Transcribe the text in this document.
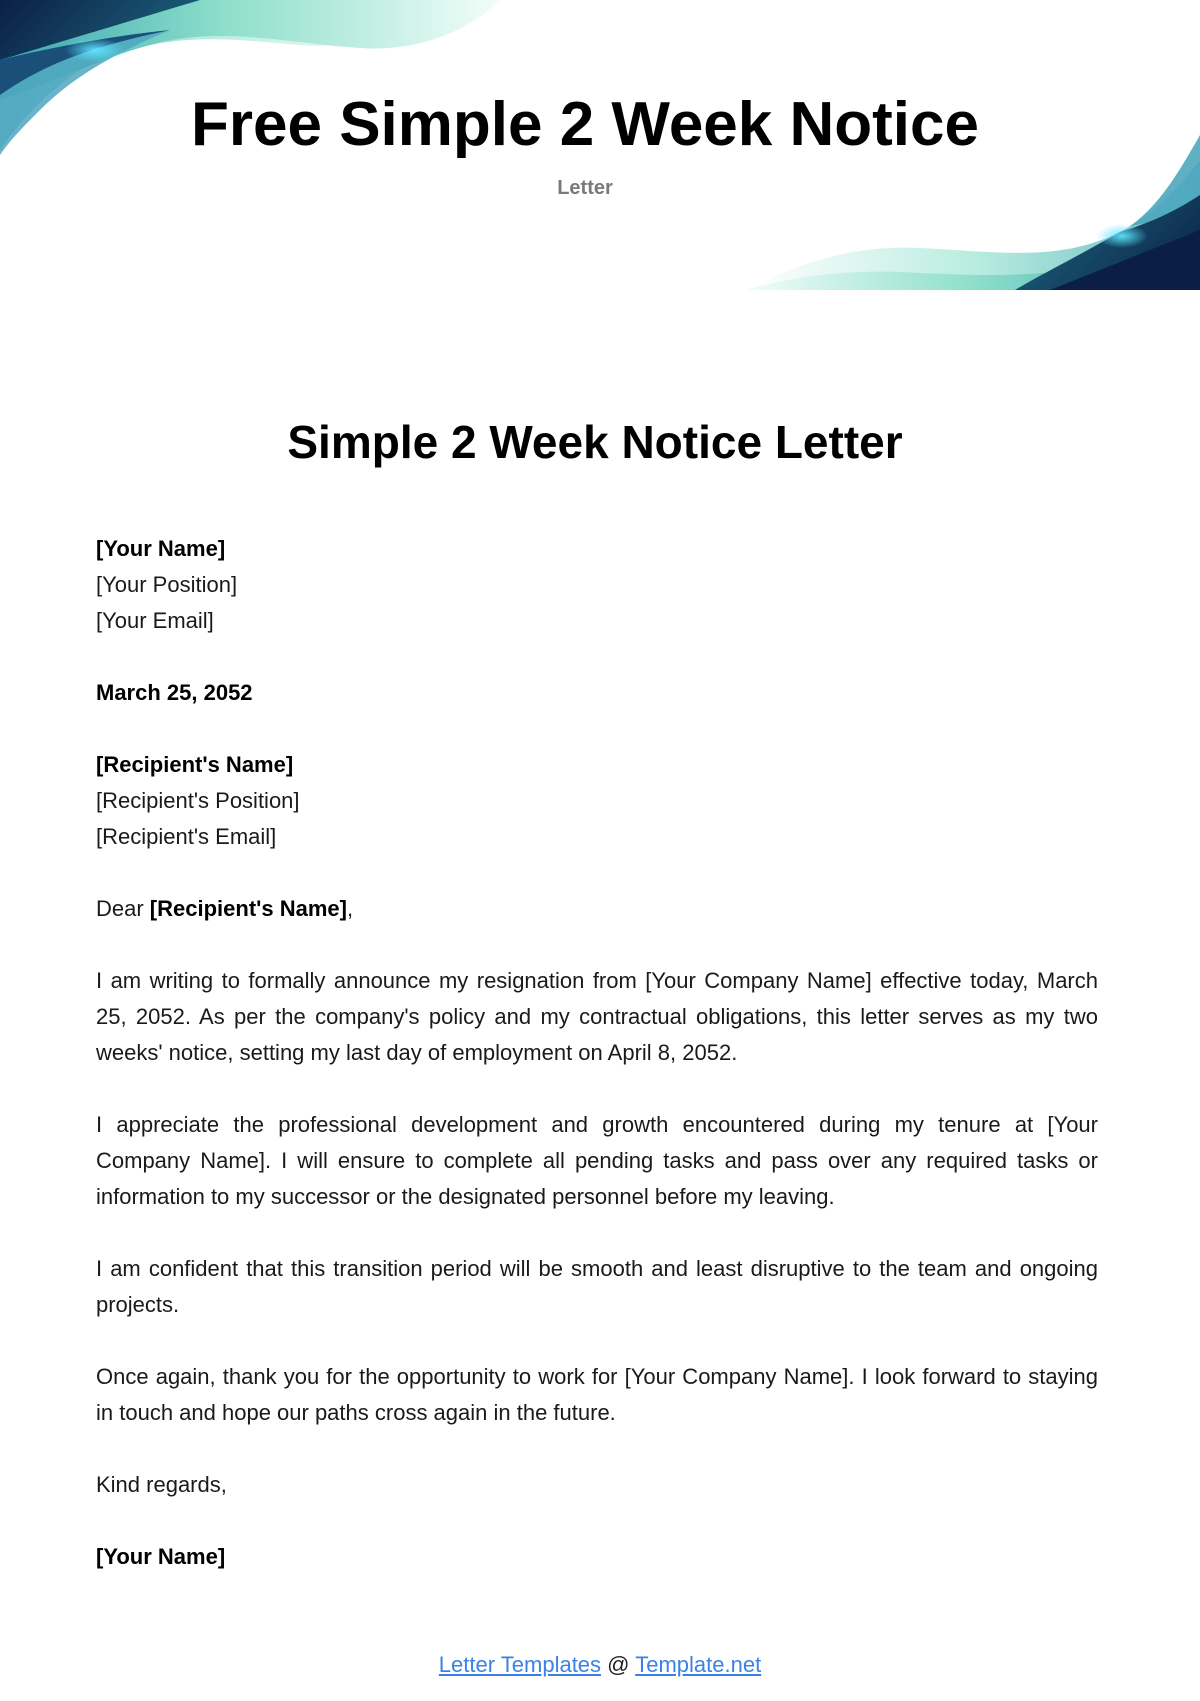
Free Simple 2 Week Notice
Letter
Simple 2 Week Notice Letter
[Your Name]
[Your Position]
[Your Email]
March 25, 2052
[Recipient's Name]
[Recipient's Position]
[Recipient's Email]
Dear [Recipient's Name],

I am writing to formally announce my resignation from [Your Company Name] effective today, March 25, 2052. As per the company's policy and my contractual obligations, this letter serves as my two weeks' notice, setting my last day of employment on April 8, 2052.

I appreciate the professional development and growth encountered during my tenure at [Your Company Name]. I will ensure to complete all pending tasks and pass over any required tasks or information to my successor or the designated personnel before my leaving.

I am confident that this transition period will be smooth and least disruptive to the team and ongoing projects.

Once again, thank you for the opportunity to work for [Your Company Name]. I look forward to staying in touch and hope our paths cross again in the future.

Kind regards,
[Your Name]
Letter Templates @ Template.net
